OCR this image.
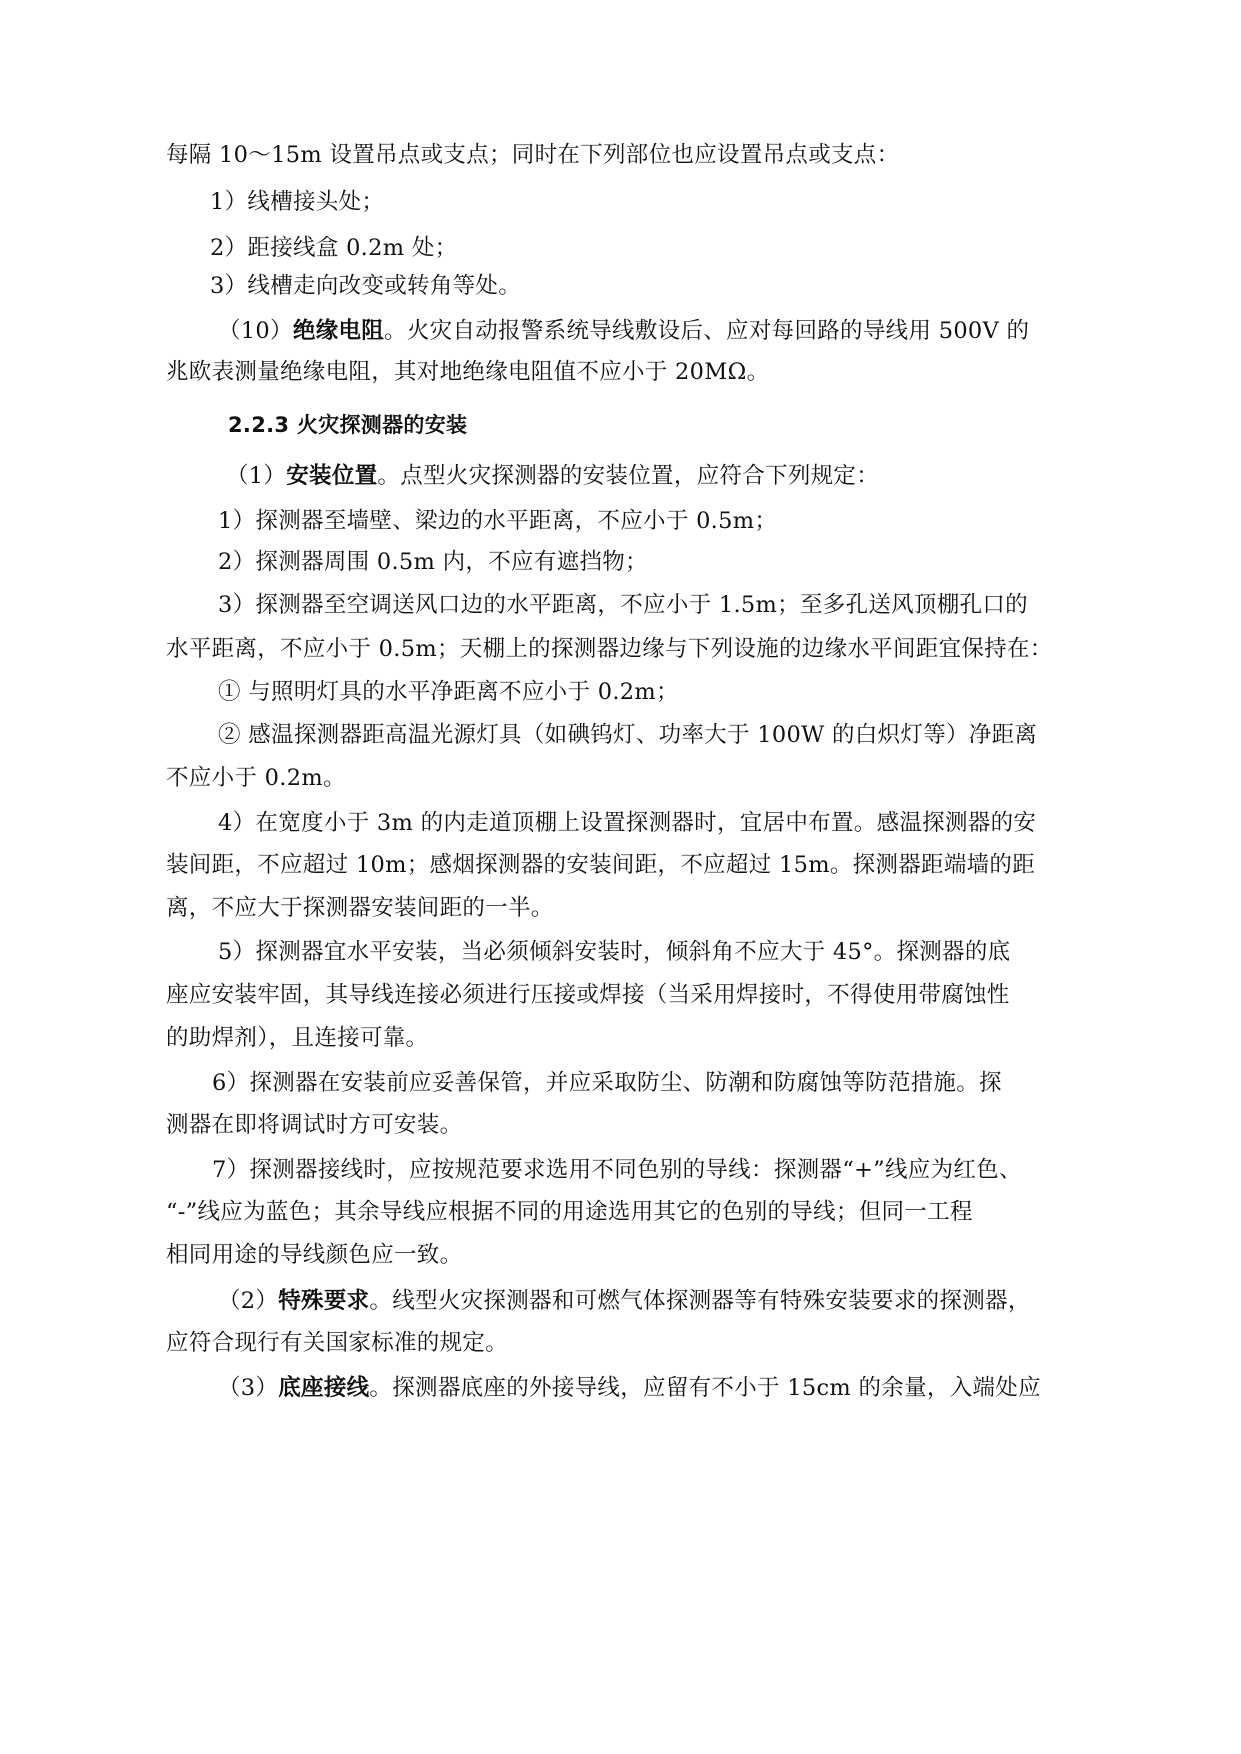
每隔 10～15m 设置吊点或支点；同时在下列部位也应设置吊点或支点：
1）线槽接头处；
2）距接线盒 0.2m 处；
3）线槽走向改变或转角等处。
（10）绝缘电阻。火灾自动报警系统导线敷设后、应对每回路的导线用 500V 的
兆欧表测量绝缘电阻，其对地绝缘电阻值不应小于 20MΩ。
2.2.3 火灾探测器的安装
（1）安装位置。点型火灾探测器的安装位置，应符合下列规定：
1）探测器至墙壁、梁边的水平距离，不应小于 0.5m；
2）探测器周围 0.5m 内，不应有遮挡物；
3）探测器至空调送风口边的水平距离，不应小于 1.5m；至多孔送风顶棚孔口的
水平距离，不应小于 0.5m；天棚上的探测器边缘与下列设施的边缘水平间距宜保持在：
① 与照明灯具的水平净距离不应小于 0.2m；
② 感温探测器距高温光源灯具（如碘钨灯、功率大于 100W 的白炽灯等）净距离
不应小于 0.2m。
4）在宽度小于 3m 的内走道顶棚上设置探测器时，宜居中布置。感温探测器的安
装间距，不应超过 10m；感烟探测器的安装间距，不应超过 15m。探测器距端墙的距
离，不应大于探测器安装间距的一半。
5）探测器宜水平安装，当必须倾斜安装时，倾斜角不应大于 45°。探测器的底
座应安装牢固，其导线连接必须进行压接或焊接（当采用焊接时，不得使用带腐蚀性
的助焊剂），且连接可靠。
6）探测器在安装前应妥善保管，并应采取防尘、防潮和防腐蚀等防范措施。探
测器在即将调试时方可安装。
7）探测器接线时，应按规范要求选用不同色别的导线：探测器“+”线应为红色、
“-”线应为蓝色；其余导线应根据不同的用途选用其它的色别的导线；但同一工程
相同用途的导线颜色应一致。
（2）特殊要求。线型火灾探测器和可燃气体探测器等有特殊安装要求的探测器，
应符合现行有关国家标准的规定。
（3）底座接线。探测器底座的外接导线，应留有不小于 15cm 的余量，入端处应
